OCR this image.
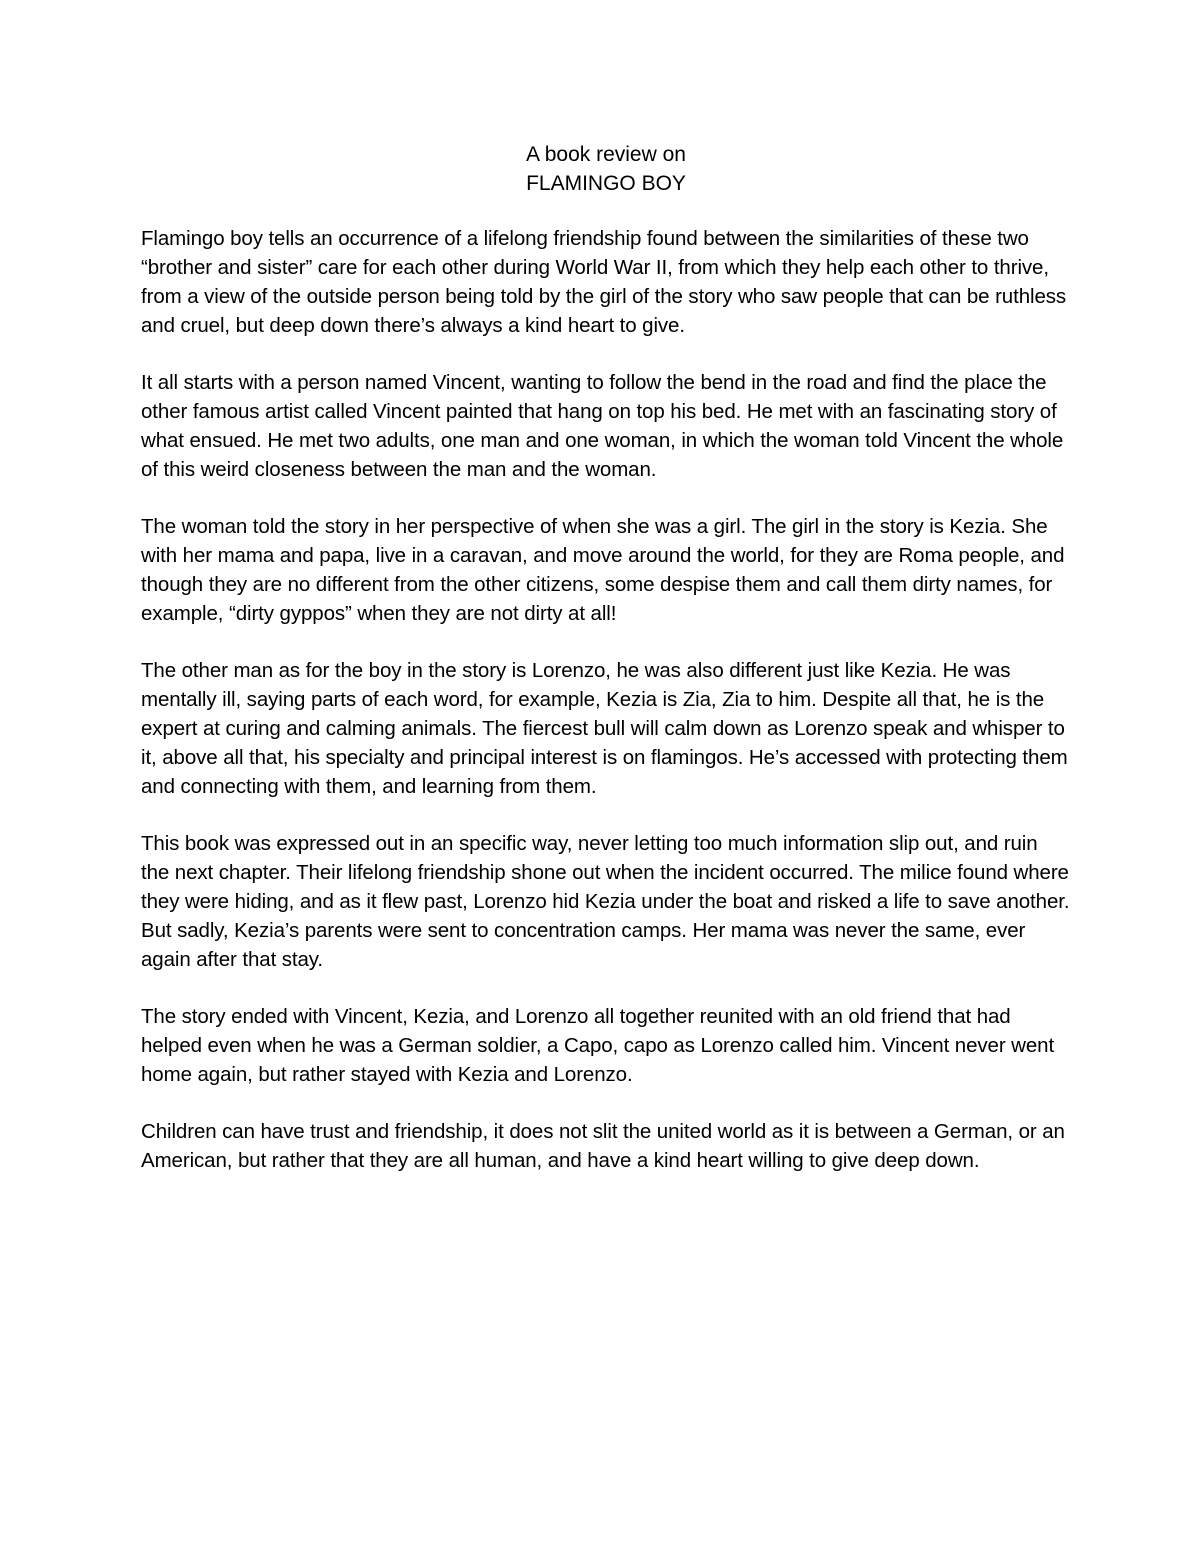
A book review on
FLAMINGO BOY

Flamingo boy tells an occurrence of a lifelong friendship found between the similarities of these two “brother and sister” care for each other during World War II, from which they help each other to thrive, from a view of the outside person being told by the girl of the story who saw people that can be ruthless and cruel, but deep down there’s always a kind heart to give.

It all starts with a person named Vincent, wanting to follow the bend in the road and find the place the other famous artist called Vincent painted that hang on top his bed. He met with an fascinating story of what ensued. He met two adults, one man and one woman, in which the woman told Vincent the whole of this weird closeness between the man and the woman.

The woman told the story in her perspective of when she was a girl. The girl in the story is Kezia. She with her mama and papa, live in a caravan, and move around the world, for they are Roma people, and though they are no different from the other citizens, some despise them and call them dirty names, for example, “dirty gyppos” when they are not dirty at all!

The other man as for the boy in the story is Lorenzo, he was also different just like Kezia. He was mentally ill, saying parts of each word, for example, Kezia is Zia, Zia to him. Despite all that, he is the expert at curing and calming animals. The fiercest bull will calm down as Lorenzo speak and whisper to it, above all that, his specialty and principal interest is on flamingos. He’s accessed with protecting them and connecting with them, and learning from them.

This book was expressed out in an specific way, never letting too much information slip out, and ruin the next chapter. Their lifelong friendship shone out when the incident occurred. The milice found where they were hiding, and as it flew past, Lorenzo hid Kezia under the boat and risked a life to save another. But sadly, Kezia’s parents were sent to concentration camps. Her mama was never the same, ever again after that stay.

The story ended with Vincent, Kezia, and Lorenzo all together reunited with an old friend that had helped even when he was a German soldier, a Capo, capo as Lorenzo called him. Vincent never went home again, but rather stayed with Kezia and Lorenzo.

Children can have trust and friendship, it does not slit the united world as it is between a German, or an American, but rather that they are all human, and have a kind heart willing to give deep down.
